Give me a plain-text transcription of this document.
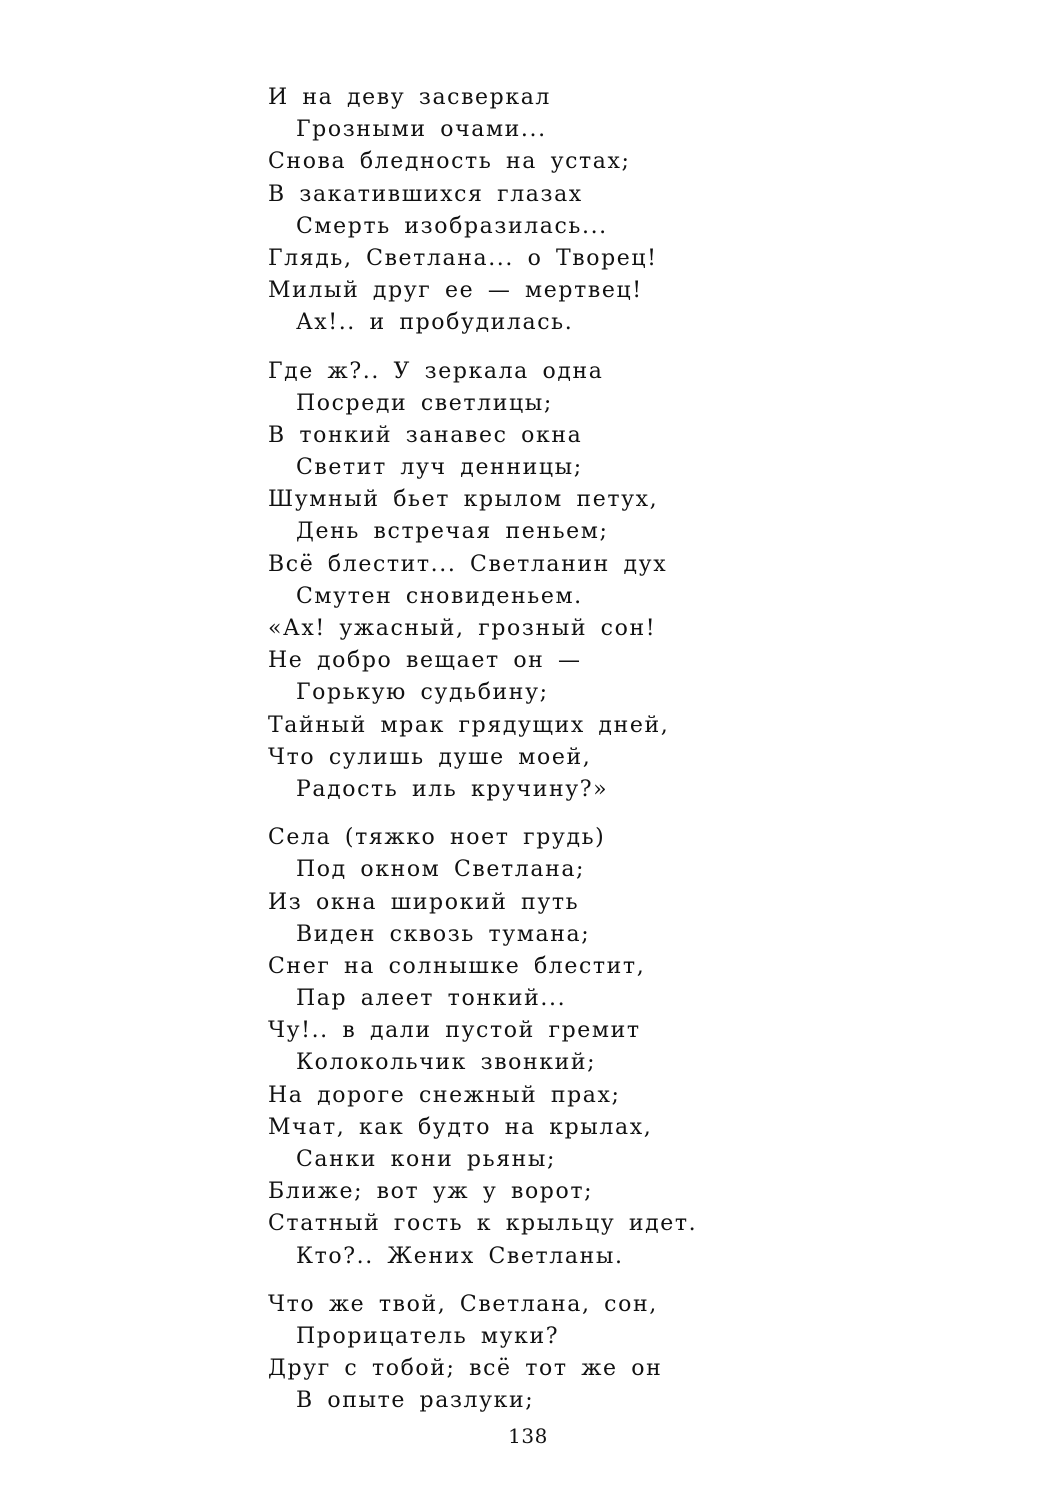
И на деву засверкал
Грозными очами...
Снова бледность на устах;
В закатившихся глазах
Смерть изобразилась...
Глядь, Светлана... о Творец!
Милый друг ее — мертвец!
Ах!.. и пробудилась.
Где ж?.. У зеркала одна
Посреди светлицы;
В тонкий занавес окна
Светит луч денницы;
Шумный бьет крылом петух,
День встречая пеньем;
Всё блестит... Светланин дух
Смутен сновиденьем.
«Ах! ужасный, грозный сон!
Не добро вещает он —
Горькую судьбину;
Тайный мрак грядущих дней,
Что сулишь душе моей,
Радость иль кручину?»
Села (тяжко ноет грудь)
Под окном Светлана;
Из окна широкий путь
Виден сквозь тумана;
Снег на солнышке блестит,
Пар алеет тонкий...
Чу!.. в дали пустой гремит
Колокольчик звонкий;
На дороге снежный прах;
Мчат, как будто на крылах,
Санки кони рьяны;
Ближе; вот уж у ворот;
Статный гость к крыльцу идет.
Кто?.. Жених Светланы.
Что же твой, Светлана, сон,
Прорицатель муки?
Друг с тобой; всё тот же он
В опыте разлуки;
138
